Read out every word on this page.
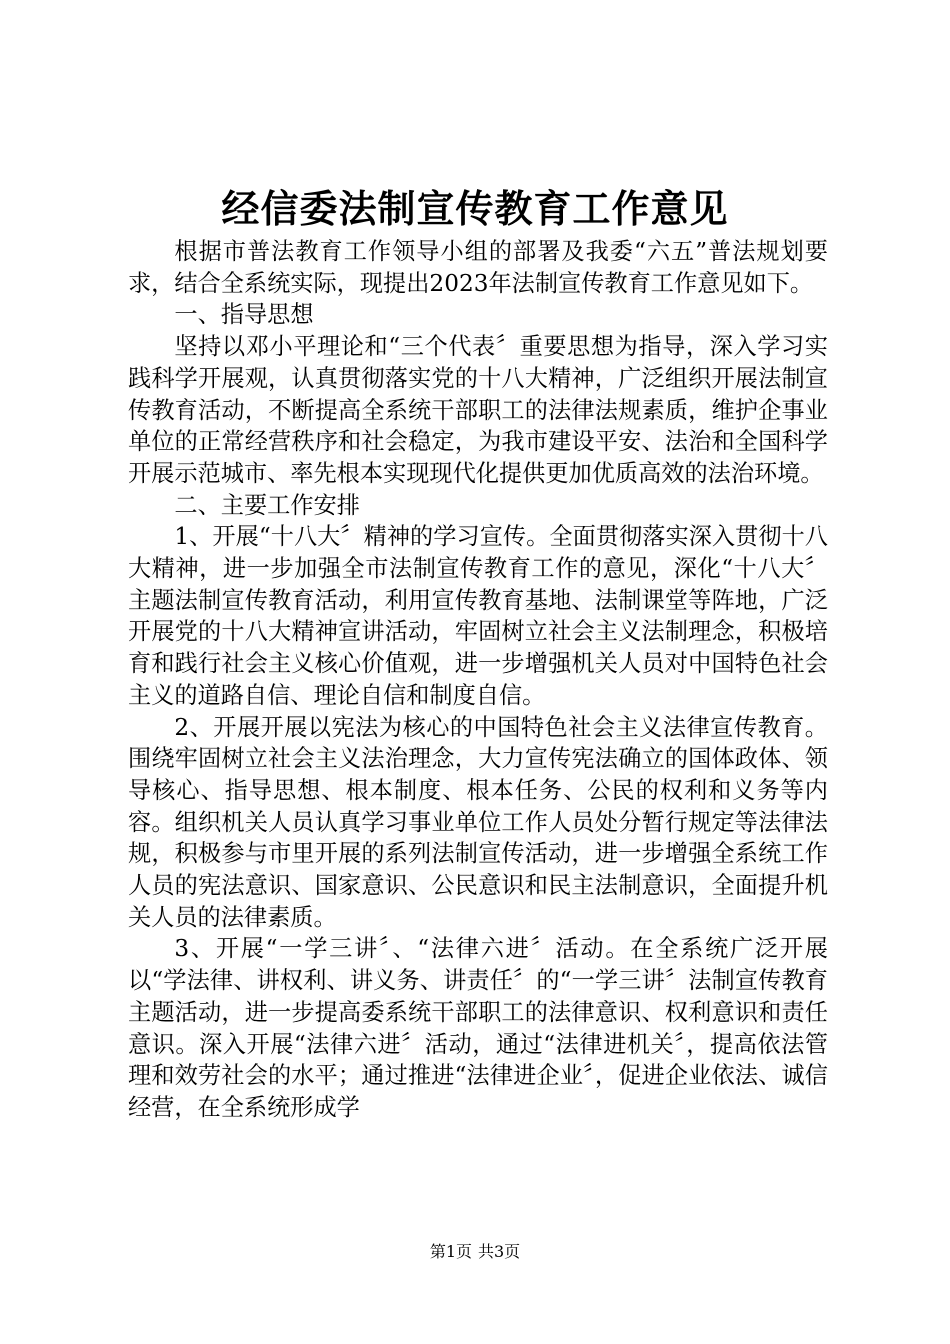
经信委法制宣传教育工作意见

根据市普法教育工作领导小组的部署及我委“六五”普法规划要求，结合全系统实际，现提出2023年法制宣传教育工作意见如下。

一、指导思想

坚持以邓小平理论和“三个代表〞重要思想为指导，深入学习实践科学开展观，认真贯彻落实党的十八大精神，广泛组织开展法制宣传教育活动，不断提高全系统干部职工的法律法规素质，维护企事业单位的正常经营秩序和社会稳定，为我市建设平安、法治和全国科学开展示范城市、率先根本实现现代化提供更加优质高效的法治环境。

二、主要工作安排

1、开展“十八大〞精神的学习宣传。全面贯彻落实深入贯彻十八大精神，进一步加强全市法制宣传教育工作的意见，深化“十八大〞主题法制宣传教育活动，利用宣传教育基地、法制课堂等阵地，广泛开展党的十八大精神宣讲活动，牢固树立社会主义法制理念，积极培育和践行社会主义核心价值观，进一步增强机关人员对中国特色社会主义的道路自信、理论自信和制度自信。

2、开展开展以宪法为核心的中国特色社会主义法律宣传教育。围绕牢固树立社会主义法治理念，大力宣传宪法确立的国体政体、领导核心、指导思想、根本制度、根本任务、公民的权利和义务等内容。组织机关人员认真学习事业单位工作人员处分暂行规定等法律法规，积极参与市里开展的系列法制宣传活动，进一步增强全系统工作人员的宪法意识、国家意识、公民意识和民主法制意识，全面提升机关人员的法律素质。

3、开展“一学三讲〞、“法律六进〞活动。在全系统广泛开展以“学法律、讲权利、讲义务、讲责任〞的“一学三讲〞法制宣传教育主题活动，进一步提高委系统干部职工的法律意识、权利意识和责任意识。深入开展“法律六进〞活动，通过“法律进机关〞，提高依法管理和效劳社会的水平；通过推进“法律进企业〞，促进企业依法、诚信经营，在全系统形成学

第1页 共3页
